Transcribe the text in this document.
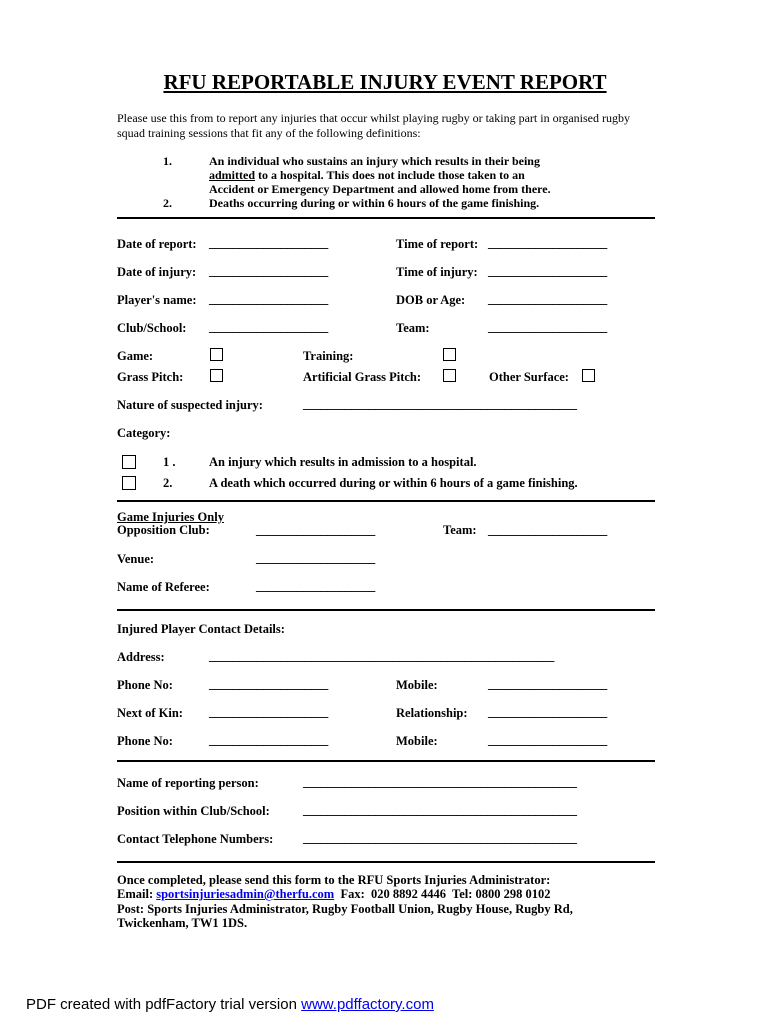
RFU REPORTABLE INJURY EVENT REPORT
Please use this from to report any injuries that occur whilst playing rugby or taking part in organised rugby squad training sessions that fit any of the following definitions:
1.	An individual who sustains an injury which results in their being
admitted to a hospital. This does not include those taken to an
Accident or Emergency Department and allowed home from there.
2.	Deaths occurring during or within 6 hours of the game finishing.
Date of report: ____________________	Time of report: ____________________
Date of injury: ____________________	Time of injury: ____________________
Player's name: ____________________	DOB or Age: ____________________
Club/School: ____________________	Team:	____________________
Game:	Training:
Grass Pitch:	Artificial Grass Pitch:	Other Surface:
Nature of suspected injury:	______________________________________________
Category:
1 .	An injury which results in admission to a hospital.
2.	A death which occurred during or within 6 hours of a game finishing.
Game Injuries Only
Opposition Club:	____________________	Team: ____________________
Venue:	____________________
Name of Referee:	____________________
Injured Player Contact Details:
Address:	__________________________________________________________
Phone No:	____________________	Mobile:	____________________
Next of Kin: ____________________	Relationship: ____________________
Phone No:	____________________	Mobile:	____________________
Name of reporting person:	______________________________________________
Position within Club/School:	______________________________________________
Contact Telephone Numbers: ______________________________________________
Once completed, please send this form to the RFU Sports Injuries Administrator:
Email: sportsinjuriesadmin@therfu.com  Fax:  020 8892 4446  Tel: 0800 298 0102
Post: Sports Injuries Administrator, Rugby Football Union, Rugby House, Rugby Rd,
Twickenham, TW1 1DS.
PDF created with pdfFactory trial version www.pdffactory.com
